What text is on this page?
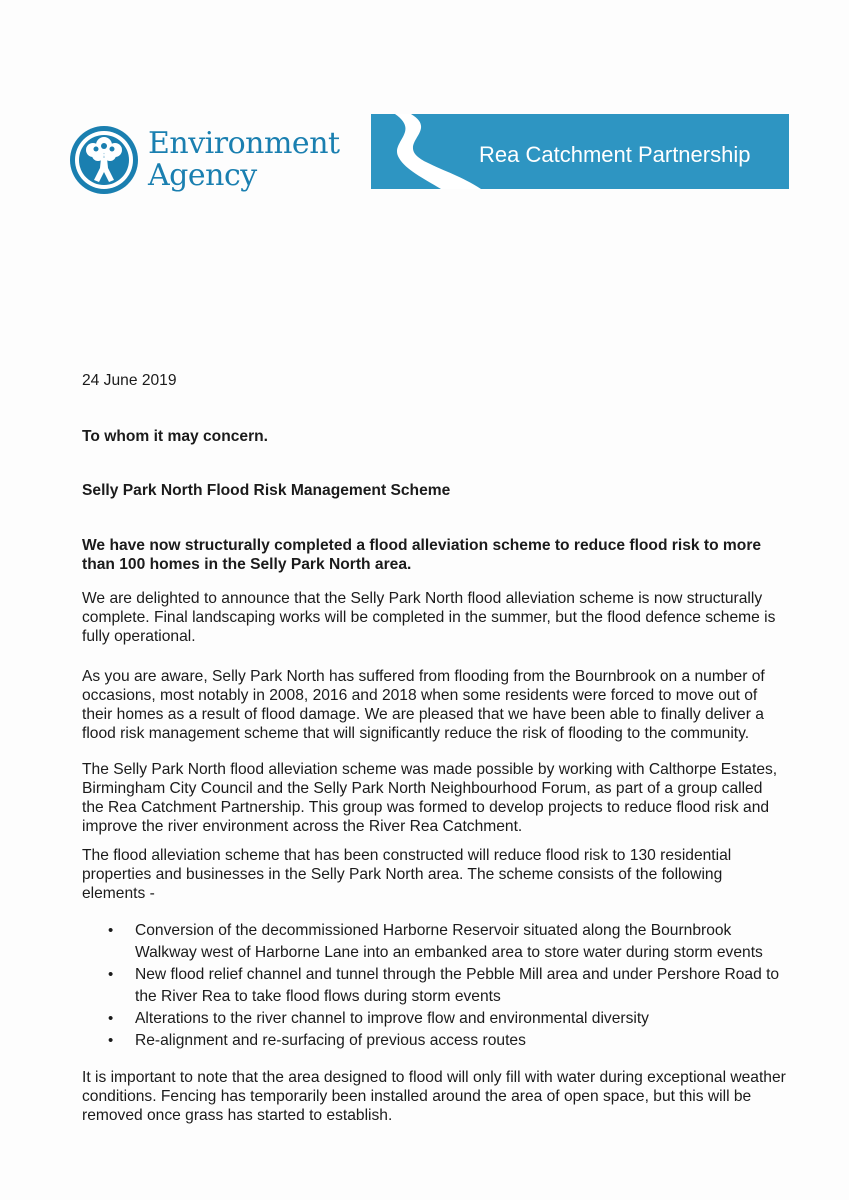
Environment
Agency
Rea Catchment Partnership
24 June 2019
To whom it may concern.
Selly Park North Flood Risk Management Scheme
We have now structurally completed a flood alleviation scheme to reduce flood risk to more than 100 homes in the Selly Park North area.
We are delighted to announce that the Selly Park North flood alleviation scheme is now structurally complete. Final landscaping works will be completed in the summer, but the flood defence scheme is fully operational.
As you are aware, Selly Park North has suffered from flooding from the Bournbrook on a number of occasions, most notably in 2008, 2016 and 2018 when some residents were forced to move out of their homes as a result of flood damage. We are pleased that we have been able to finally deliver a flood risk management scheme that will significantly reduce the risk of flooding to the community.
The Selly Park North flood alleviation scheme was made possible by working with Calthorpe Estates, Birmingham City Council and the Selly Park North Neighbourhood Forum, as part of a group called the Rea Catchment Partnership. This group was formed to develop projects to reduce flood risk and improve the river environment across the River Rea Catchment.
The flood alleviation scheme that has been constructed will reduce flood risk to 130 residential properties and businesses in the Selly Park North area. The scheme consists of the following elements -
• Conversion of the decommissioned Harborne Reservoir situated along the Bournbrook Walkway west of Harborne Lane into an embanked area to store water during storm events
• New flood relief channel and tunnel through the Pebble Mill area and under Pershore Road to the River Rea to take flood flows during storm events
• Alterations to the river channel to improve flow and environmental diversity
• Re-alignment and re-surfacing of previous access routes
It is important to note that the area designed to flood will only fill with water during exceptional weather conditions. Fencing has temporarily been installed around the area of open space, but this will be removed once grass has started to establish.
